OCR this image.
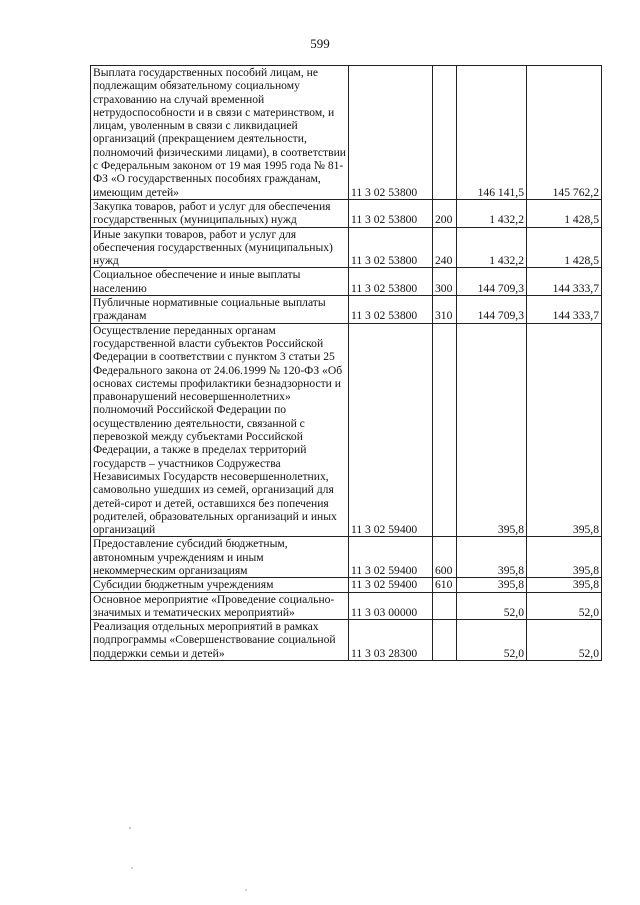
599
Выплата государственных пособий лицам, не подлежащим обязательному социальному страхованию на случай временной нетрудоспособности и в связи с материнством, и лицам, уволенным в связи с ликвидацией организаций (прекращением деятельности, полномочий физическими лицами), в соответствии с Федеральным законом от 19 мая 1995 года № 81-ФЗ «О государственных пособиях гражданам, имеющим детей»	11 3 02 53800		146 141,5	145 762,2
Закупка товаров, работ и услуг для обеспечения государственных (муниципальных) нужд	11 3 02 53800	200	1 432,2	1 428,5
Иные закупки товаров, работ и услуг для обеспечения государственных (муниципальных) нужд	11 3 02 53800	240	1 432,2	1 428,5
Социальное обеспечение и иные выплаты населению	11 3 02 53800	300	144 709,3	144 333,7
Публичные нормативные социальные выплаты гражданам	11 3 02 53800	310	144 709,3	144 333,7
Осуществление переданных органам государственной власти субъектов Российской Федерации в соответствии с пунктом 3 статьи 25 Федерального закона от 24.06.1999 № 120-ФЗ «Об основах системы профилактики безнадзорности и правонарушений несовершеннолетних» полномочий Российской Федерации по осуществлению деятельности, связанной с перевозкой между субъектами Российской Федерации, а также в пределах территорий государств – участников Содружества Независимых Государств несовершеннолетних, самовольно ушедших из семей, организаций для детей-сирот и детей, оставшихся без попечения родителей, образовательных организаций и иных организаций	11 3 02 59400		395,8	395,8
Предоставление субсидий бюджетным, автономным учреждениям и иным некоммерческим организациям	11 3 02 59400	600	395,8	395,8
Субсидии бюджетным учреждениям	11 3 02 59400	610	395,8	395,8
Основное мероприятие «Проведение социально-значимых и тематических мероприятий»	11 3 03 00000		52,0	52,0
Реализация отдельных мероприятий в рамках подпрограммы «Совершенствование социальной поддержки семьи и детей»	11 3 03 28300		52,0	52,0
